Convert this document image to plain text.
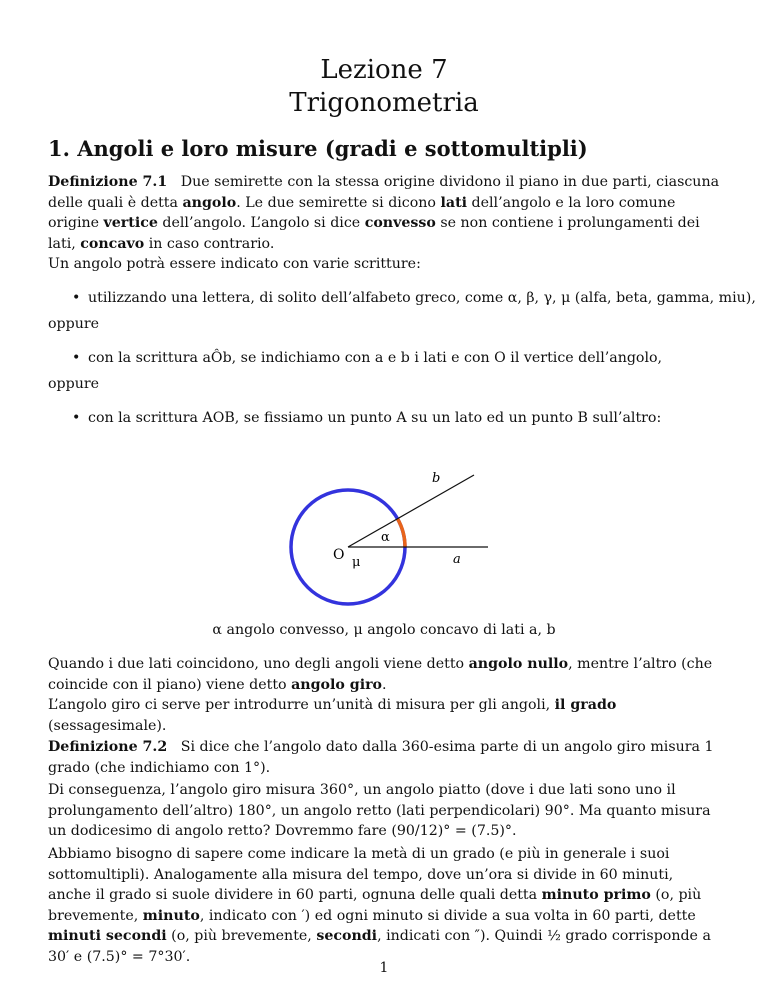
Lezione 7
Trigonometria
1. Angoli e loro misure (gradi e sottomultipli)
Definizione 7.1 Due semirette con la stessa origine dividono il piano in due parti, ciascuna delle quali è detta angolo. Le due semirette si dicono lati dell’angolo e la loro comune origine vertice dell’angolo. L’angolo si dice convesso se non contiene i prolungamenti dei lati, concavo in caso contrario.
Un angolo potrà essere indicato con varie scritture:
• utilizzando una lettera, di solito dell’alfabeto greco, come α, β, γ, μ (alfa, beta, gamma, miu),
oppure
• con la scrittura aÔb, se indichiamo con a e b i lati e con O il vertice dell’angolo,
oppure
• con la scrittura AOB, se fissiamo un punto A su un lato ed un punto B sull’altro:
b
a
O
α
μ
α angolo convesso, μ angolo concavo di lati a, b
Quando i due lati coincidono, uno degli angoli viene detto angolo nullo, mentre l’altro (che coincide con il piano) viene detto angolo giro.
L’angolo giro ci serve per introdurre un’unità di misura per gli angoli, il grado (sessagesimale).
Definizione 7.2 Si dice che l’angolo dato dalla 360-esima parte di un angolo giro misura 1 grado (che indichiamo con 1°).
Di conseguenza, l’angolo giro misura 360°, un angolo piatto (dove i due lati sono uno il prolungamento dell’altro) 180°, un angolo retto (lati perpendicolari) 90°. Ma quanto misura un dodicesimo di angolo retto? Dovremmo fare (90/12)° = (7.5)°.
Abbiamo bisogno di sapere come indicare la metà di un grado (e più in generale i suoi sottomultipli). Analogamente alla misura del tempo, dove un’ora si divide in 60 minuti, anche il grado si suole dividere in 60 parti, ognuna delle quali detta minuto primo (o, più brevemente, minuto, indicato con ′) ed ogni minuto si divide a sua volta in 60 parti, dette minuti secondi (o, più brevemente, secondi, indicati con ″). Quindi ½ grado corrisponde a 30′ e (7.5)° = 7°30′.
1
